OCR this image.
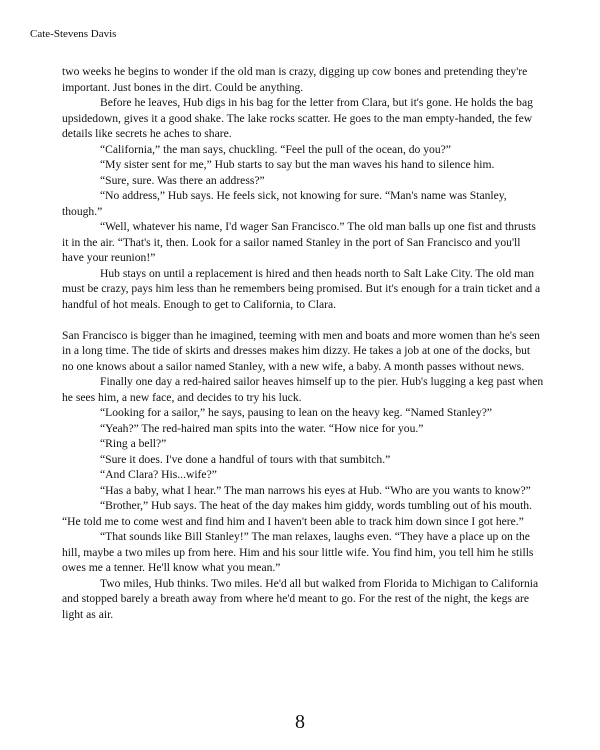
Cate-Stevens Davis

two weeks he begins to wonder if the old man is crazy, digging up cow bones and pretending they're important. Just bones in the dirt. Could be anything.

Before he leaves, Hub digs in his bag for the letter from Clara, but it's gone. He holds the bag upsidedown, gives it a good shake. The lake rocks scatter. He goes to the man empty-handed, the few details like secrets he aches to share.

“California,” the man says, chuckling. “Feel the pull of the ocean, do you?”

“My sister sent for me,” Hub starts to say but the man waves his hand to silence him.

“Sure, sure. Was there an address?”

“No address,” Hub says. He feels sick, not knowing for sure. “Man's name was Stanley, though.”

“Well, whatever his name, I'd wager San Francisco.” The old man balls up one fist and thrusts it in the air. “That's it, then. Look for a sailor named Stanley in the port of San Francisco and you'll have your reunion!”

Hub stays on until a replacement is hired and then heads north to Salt Lake City. The old man must be crazy, pays him less than he remembers being promised. But it's enough for a train ticket and a handful of hot meals. Enough to get to California, to Clara.

San Francisco is bigger than he imagined, teeming with men and boats and more women than he's seen in a long time. The tide of skirts and dresses makes him dizzy. He takes a job at one of the docks, but no one knows about a sailor named Stanley, with a new wife, a baby. A month passes without news.

Finally one day a red-haired sailor heaves himself up to the pier. Hub's lugging a keg past when he sees him, a new face, and decides to try his luck.

“Looking for a sailor,” he says, pausing to lean on the heavy keg. “Named Stanley?”

“Yeah?” The red-haired man spits into the water. “How nice for you.”

“Ring a bell?”

“Sure it does. I've done a handful of tours with that sumbitch.”

“And Clara? His...wife?”

“Has a baby, what I hear.” The man narrows his eyes at Hub. “Who are you wants to know?”

“Brother,” Hub says. The heat of the day makes him giddy, words tumbling out of his mouth. “He told me to come west and find him and I haven't been able to track him down since I got here.”

“That sounds like Bill Stanley!” The man relaxes, laughs even. “They have a place up on the hill, maybe a two miles up from here. Him and his sour little wife. You find him, you tell him he stills owes me a tenner. He'll know what you mean.”

Two miles, Hub thinks. Two miles. He'd all but walked from Florida to Michigan to California and stopped barely a breath away from where he'd meant to go. For the rest of the night, the kegs are light as air.

8
